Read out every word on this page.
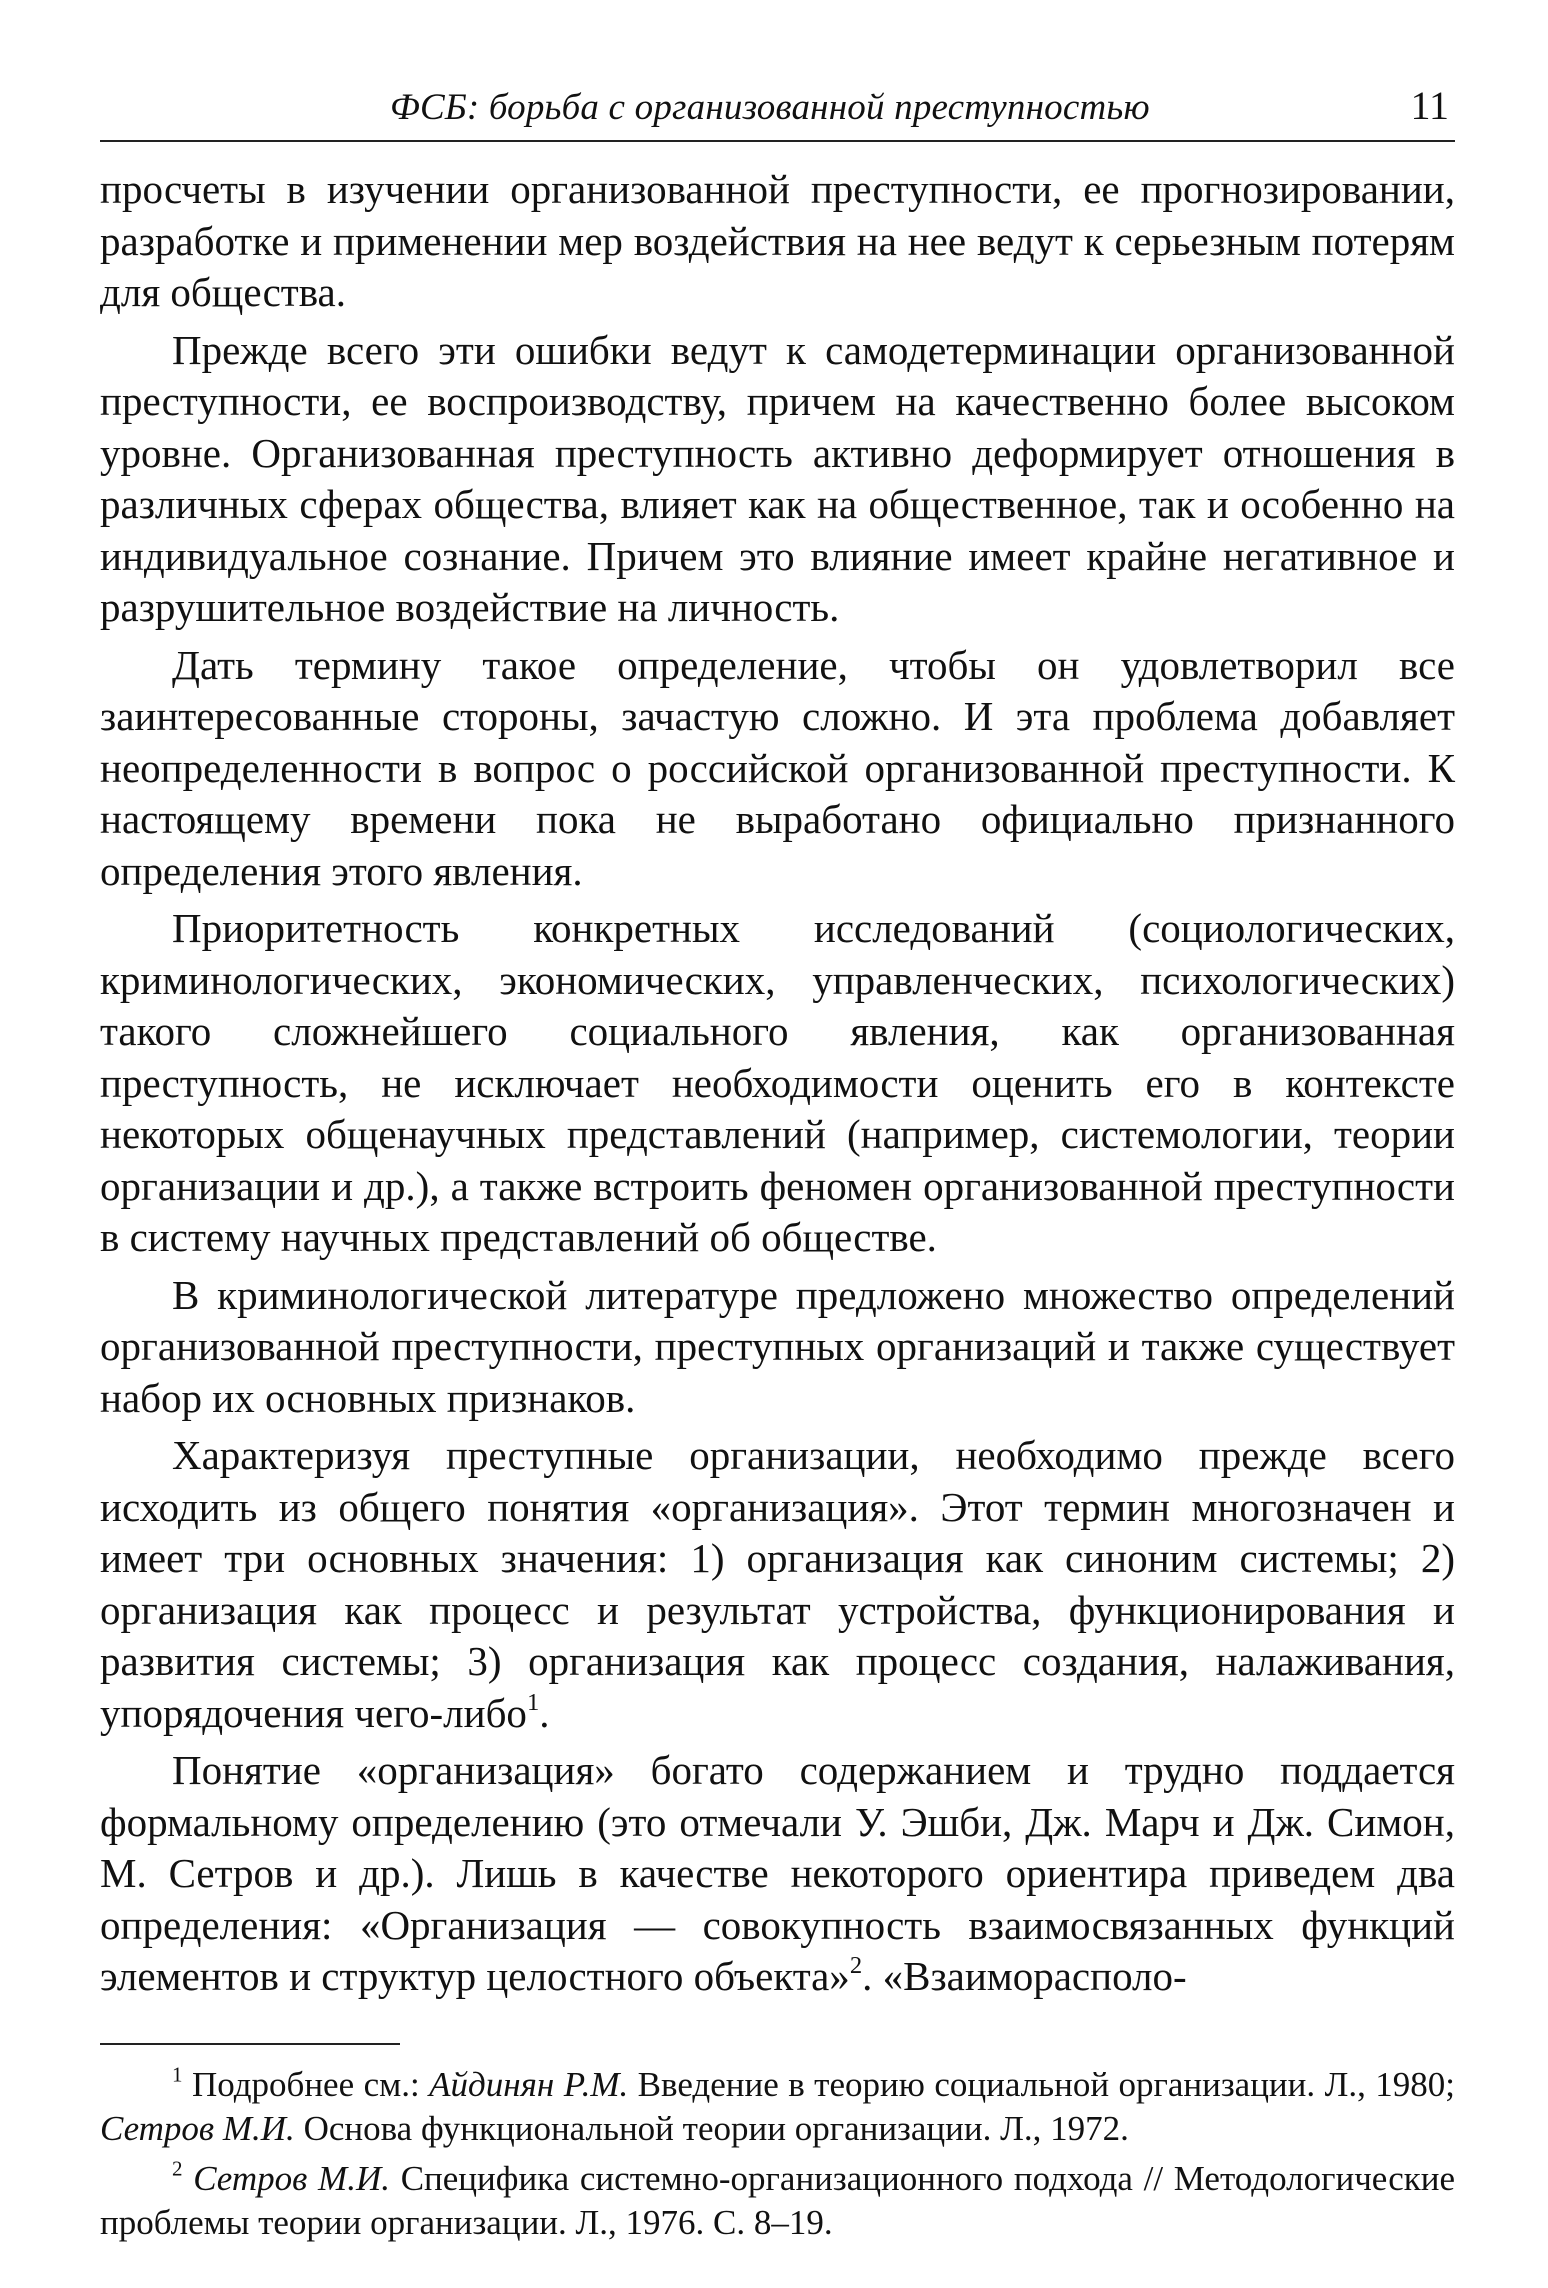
ФСБ: борьба с организованной преступностью	11

просчеты в изучении организованной преступности, ее прогнозировании, разработке и применении мер воздействия на нее ведут к серьезным потерям для общества.

Прежде всего эти ошибки ведут к самодетерминации организованной преступности, ее воспроизводству, причем на качественно более высоком уровне. Организованная преступность активно деформирует отношения в различных сферах общества, влияет как на общественное, так и особенно на индивидуальное сознание. Причем это влияние имеет крайне негативное и разрушительное воздействие на личность.

Дать термину такое определение, чтобы он удовлетворил все заинтересованные стороны, зачастую сложно. И эта проблема добавляет неопределенности в вопрос о российской организованной преступности. К настоящему времени пока не выработано официально признанного определения этого явления.

Приоритетность конкретных исследований (социологических, криминологических, экономических, управленческих, психологических) такого сложнейшего социального явления, как организованная преступность, не исключает необходимости оценить его в контексте некоторых общенаучных представлений (например, системологии, теории организации и др.), а также встроить феномен организованной преступности в систему научных представлений об обществе.

В криминологической литературе предложено множество определений организованной преступности, преступных организаций и также существует набор их основных признаков.

Характеризуя преступные организации, необходимо прежде всего исходить из общего понятия «организация». Этот термин многозначен и имеет три основных значения: 1) организация как синоним системы; 2) организация как процесс и результат устройства, функционирования и развития системы; 3) организация как процесс создания, налаживания, упорядочения чего-либо$^1$.

Понятие «организация» богато содержанием и трудно поддается формальному определению (это отмечали У. Эшби, Дж. Марч и Дж. Симон, М. Сетров и др.). Лишь в качестве некоторого ориентира приведем два определения: «Организация — совокупность взаимосвязанных функций элементов и структур целостного объекта»$^2$. «Взаиморасполо-

$^1$ Подробнее см.: Айдинян Р.М. Введение в теорию социальной организации. Л., 1980; Сетров М.И. Основа функциональной теории организации. Л., 1972.

$^2$ Сетров М.И. Специфика системно-организационного подхода // Методологические проблемы теории организации. Л., 1976. С. 8–19.
